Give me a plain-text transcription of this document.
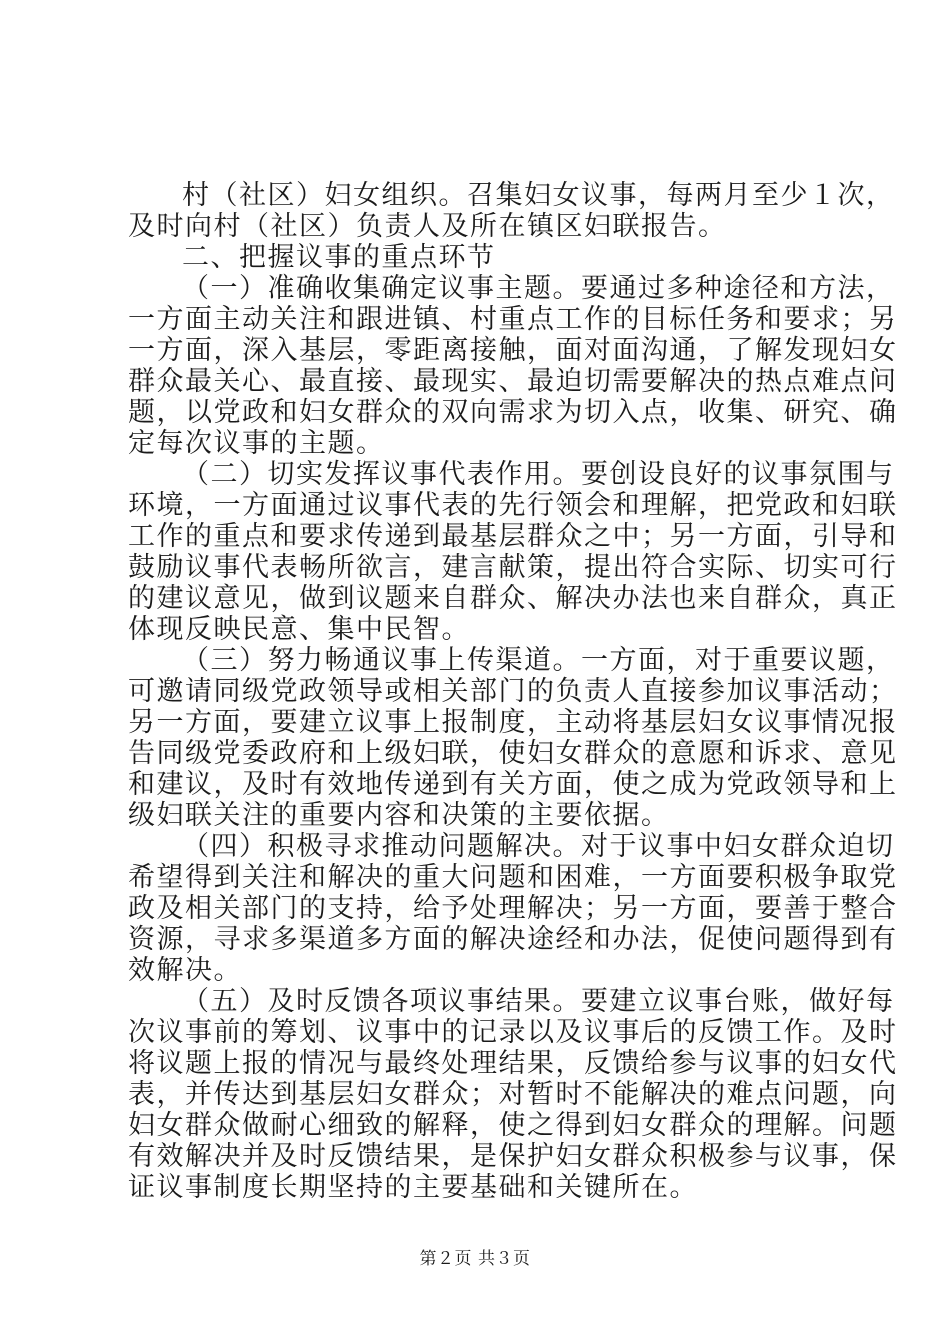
村（社区）妇女组织。召集妇女议事，每两月至少１次，
及时向村（社区）负责人及所在镇区妇联报告。
二、把握议事的重点环节
（一）准确收集确定议事主题。要通过多种途径和方法，
一方面主动关注和跟进镇、村重点工作的目标任务和要求；另
一方面，深入基层，零距离接触，面对面沟通，了解发现妇女
群众最关心、最直接、最现实、最迫切需要解决的热点难点问
题，以党政和妇女群众的双向需求为切入点，收集、研究、确
定每次议事的主题。
（二）切实发挥议事代表作用。要创设良好的议事氛围与
环境，一方面通过议事代表的先行领会和理解，把党政和妇联
工作的重点和要求传递到最基层群众之中；另一方面，引导和
鼓励议事代表畅所欲言，建言献策，提出符合实际、切实可行
的建议意见，做到议题来自群众、解决办法也来自群众，真正
体现反映民意、集中民智。
（三）努力畅通议事上传渠道。一方面，对于重要议题，
可邀请同级党政领导或相关部门的负责人直接参加议事活动；
另一方面，要建立议事上报制度，主动将基层妇女议事情况报
告同级党委政府和上级妇联，使妇女群众的意愿和诉求、意见
和建议，及时有效地传递到有关方面，使之成为党政领导和上
级妇联关注的重要内容和决策的主要依据。
（四）积极寻求推动问题解决。对于议事中妇女群众迫切
希望得到关注和解决的重大问题和困难，一方面要积极争取党
政及相关部门的支持，给予处理解决；另一方面，要善于整合
资源，寻求多渠道多方面的解决途经和办法，促使问题得到有
效解决。
（五）及时反馈各项议事结果。要建立议事台账，做好每
次议事前的筹划、议事中的记录以及议事后的反馈工作。及时
将议题上报的情况与最终处理结果，反馈给参与议事的妇女代
表，并传达到基层妇女群众；对暂时不能解决的难点问题，向
妇女群众做耐心细致的解释，使之得到妇女群众的理解。问题
有效解决并及时反馈结果，是保护妇女群众积极参与议事，保
证议事制度长期坚持的主要基础和关键所在。
第２页 共３页
